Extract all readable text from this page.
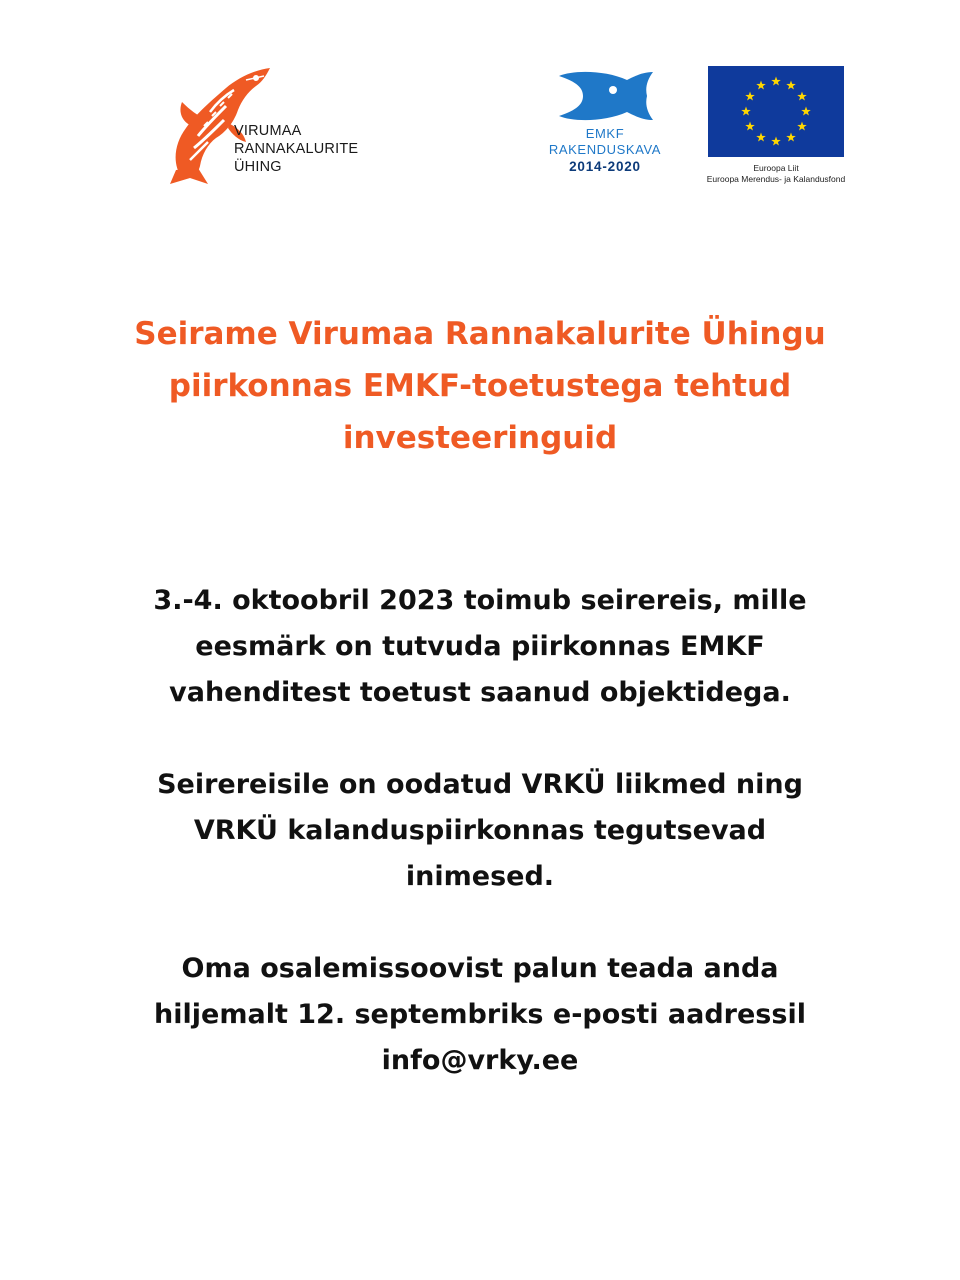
VIRUMAA
RANNAKALURITE
ÜHING
EMKF
RAKENDUSKAVA
2014-2020	Euroopa Liit
Euroopa Merendus- ja Kalandusfond
Seirame Virumaa Rannakalurite Ühingu
piirkonnas EMKF-toetustega tehtud
investeeringuid

3.-4. oktoobril 2023 toimub seirereis, mille
eesmärk on tutvuda piirkonnas EMKF
vahenditest toetust saanud objektidega.

Seirereisile on oodatud VRKÜ liikmed ning
VRKÜ kalanduspiirkonnas tegutsevad
inimesed.

Oma osalemissoovist palun teada anda
hiljemalt 12. septembriks e-posti aadressil
info@vrky.ee
